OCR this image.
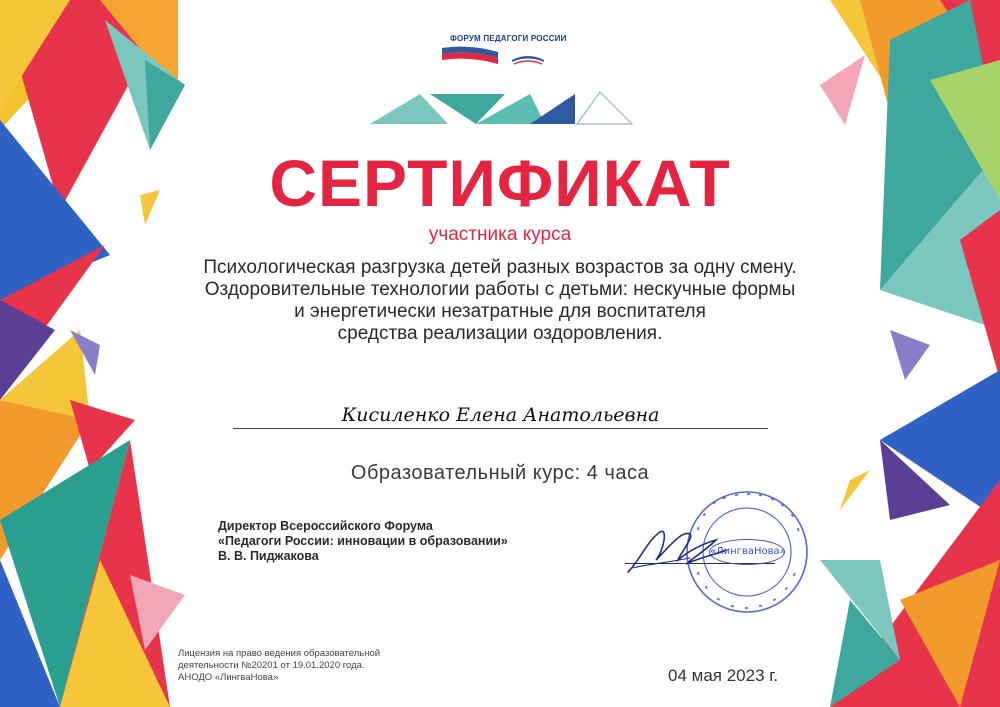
ФОРУМ ПЕДАГОГИ РОССИИ
СЕРТИФИКАТ
участника курса
Психологическая разгрузка детей разных возрастов за одну смену.
Оздоровительные технологии работы с детьми: нескучные формы
и энергетически незатратные для воспитателя
средства реализации оздоровления.
Кисиленко Елена Анатольевна
Образовательный курс: 4 часа
Директор Всероссийского Форума
«Педагоги России: инновации в образовании»
В. В. Пиджакова	«ЛингваНова»
Лицензия на право ведения образовательной
деятельности №20201 от 19.01.2020 года.
АНОДО «ЛингваНова»	04 мая 2023 г.
